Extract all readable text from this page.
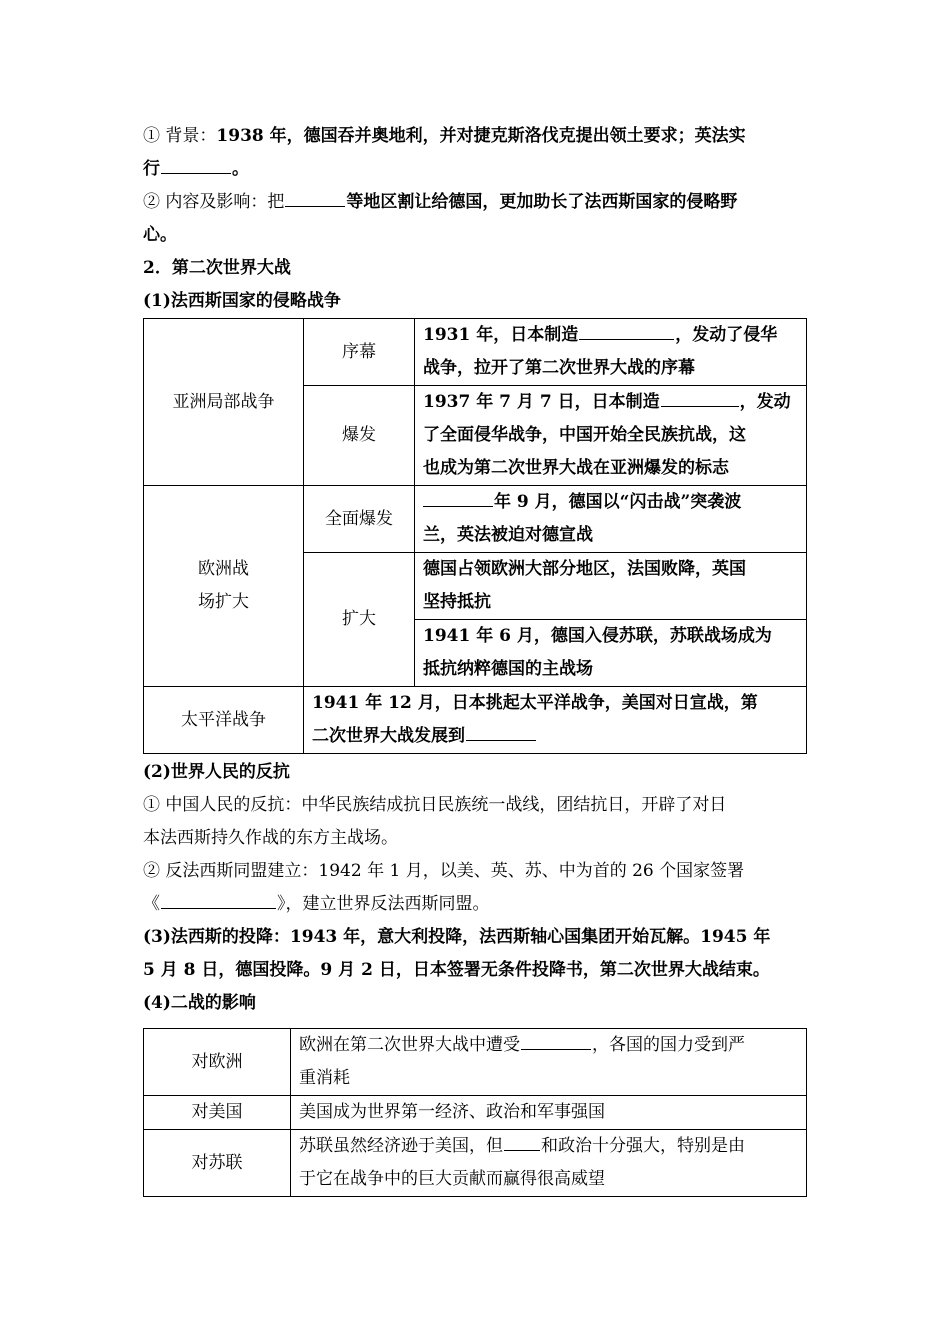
① 背景：1938 年，德国吞并奥地利，并对捷克斯洛伐克提出领土要求；英法实

行	。

② 内容及影响：把	等地区割让给德国，更加助长了法西斯国家的侵略野

心。

2．第二次世界大战

(1)法西斯国家的侵略战争

亚洲局部战争	序幕	1931 年，日本制造 ，发动了侵华
战争，拉开了第二次世界大战的序幕
	爆发	1937 年 7 月 7 日，日本制造 ，发动
了全面侵华战争，中国开始全民族抗战，这
也成为第二次世界大战在亚洲爆发的标志
欧洲战
场扩大	全面爆发	年 9 月，德国以“闪击战”突袭波
兰，英法被迫对德宣战
	扩大	德国占领欧洲大部分地区，法国败降，英国
坚持抵抗
		1941 年 6 月，德国入侵苏联，苏联战场成为
抵抗纳粹德国的主战场
太平洋战争	1941 年 12 月，日本挑起太平洋战争，美国对日宣战，第
二次世界大战发展到	

(2)世界人民的反抗

① 中国人民的反抗：中华民族结成抗日民族统一战线，团结抗日，开辟了对日

本法西斯持久作战的东方主战场。

② 反法西斯同盟建立：1942 年 1 月，以美、英、苏、中为首的 26 个国家签署

《	》，建立世界反法西斯同盟。

(3)法西斯的投降：1943 年，意大利投降，法西斯轴心国集团开始瓦解。1945 年

5 月 8 日，德国投降。9 月 2 日，日本签署无条件投降书，第二次世界大战结束。

(4)二战的影响

对欧洲	欧洲在第二次世界大战中遭受 ，各国的国力受到严
重消耗
对美国	美国成为世界第一经济、政治和军事强国
对苏联	苏联虽然经济逊于美国，但 和政治十分强大，特别是由
于它在战争中的巨大贡献而赢得很高威望
